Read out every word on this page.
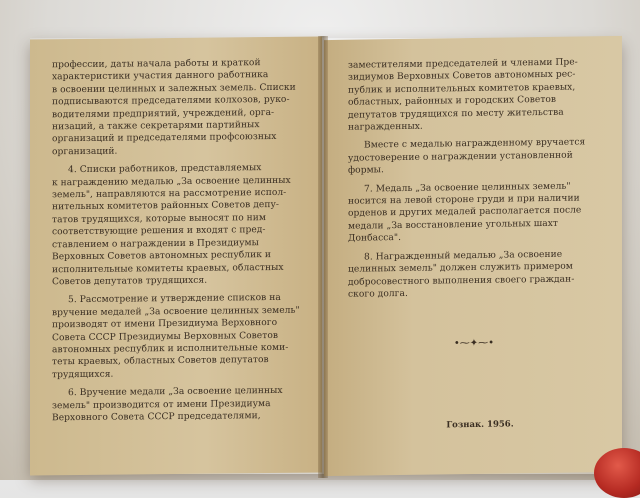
профессии, даты начала работы и краткой

характеристики участия данного работника

в освоении целинных и залежных земель. Списки

подписываются председателями колхозов, руко-

водителями предприятий, учреждений, орга-

низаций, а также секретарями партийных

организаций и председателями профсоюзных

организаций.

4. Списки работников, представляемых

к награждению медалью „За освоение целинных

земель", направляются на рассмотрение испол-

нительных комитетов районных Советов депу-

татов трудящихся, которые выносят по ним

соответствующие решения и входят с пред-

ставлением о награждении в Президиумы

Верховных Советов автономных республик и

исполнительные комитеты краевых, областных

Советов депутатов трудящихся.

5. Рассмотрение и утверждение списков на

вручение медалей „За освоение целинных земель"

производят от имени Президиума Верховного

Совета СССР Президиумы Верховных Советов

автономных республик и исполнительные коми-

теты краевых, областных Советов депутатов

трудящихся.

6. Вручение медали „За освоение целинных

земель" производится от имени Президиума

Верховного Совета СССР председателями,

заместителями председателей и членами Пре-

зидиумов Верховных Советов автономных рес-

публик и исполнительных комитетов краевых,

областных, районных и городских Советов

депутатов трудящихся по месту жительства

награжденных.

Вместе с медалью награжденному вручается

удостоверение о награждении установленной

формы.

7. Медаль „За освоение целинных земель"

носится на левой стороне груди и при наличии

орденов и других медалей располагается после

медали „За восстановление угольных шахт

Донбасса".

8. Награжденный медалью „За освоение

целинных земель" должен служить примером

добросовестного выполнения своего граждан-

ского долга.

•⁓✦⁓•
Гознак. 1956.
